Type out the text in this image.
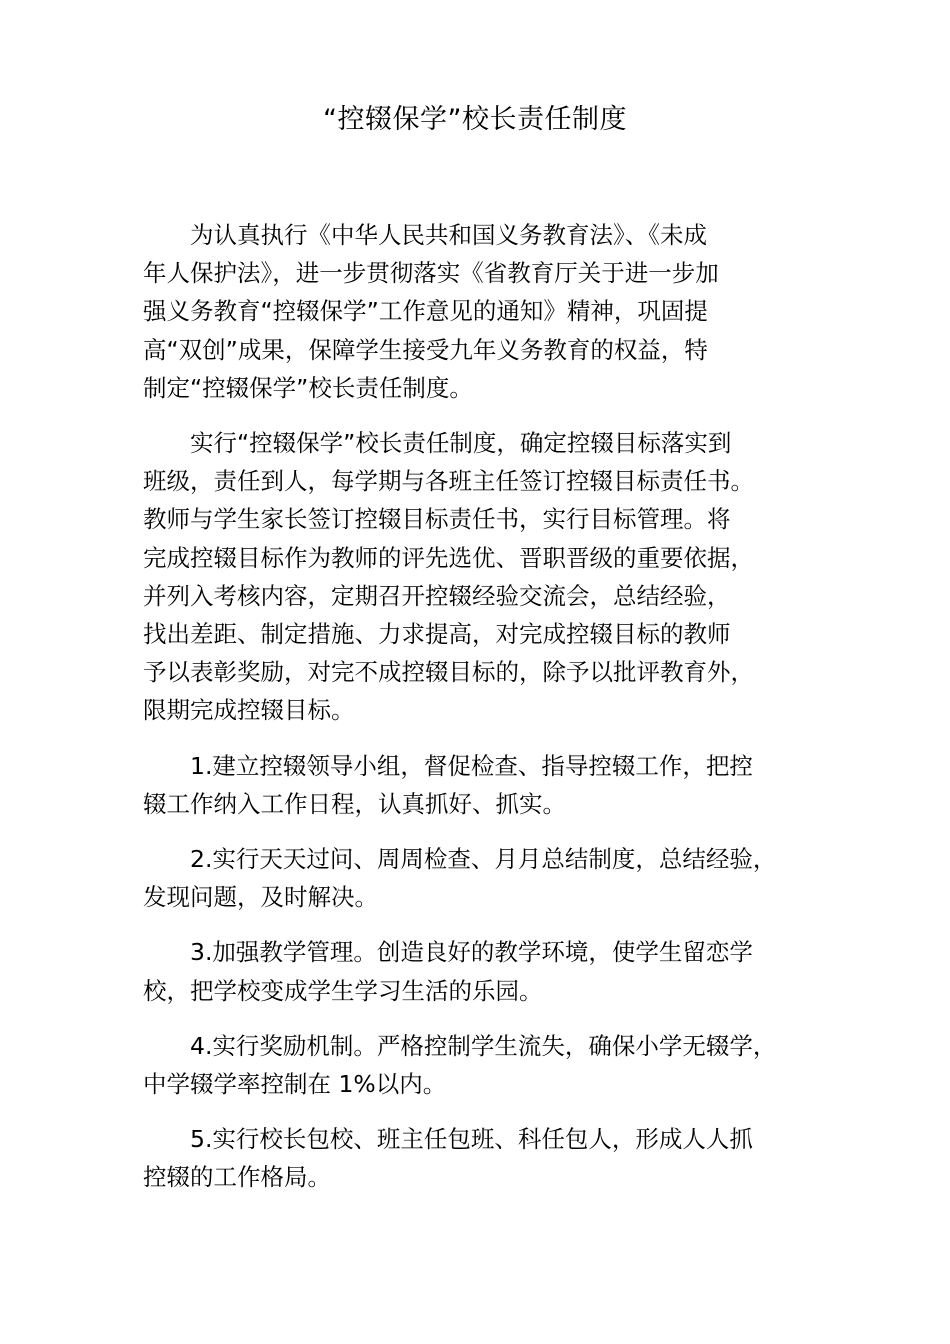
“控辍保学”校长责任制度

为认真执行《中华人民共和国义务教育法》、《未成
年人保护法》，进一步贯彻落实《省教育厅关于进一步加
强义务教育“控辍保学”工作意见的通知》精神，巩固提
高“双创”成果，保障学生接受九年义务教育的权益，特
制定“控辍保学”校长责任制度。

实行“控辍保学”校长责任制度，确定控辍目标落实到
班级，责任到人，每学期与各班主任签订控辍目标责任书。
教师与学生家长签订控辍目标责任书，实行目标管理。将
完成控辍目标作为教师的评先选优、晋职晋级的重要依据，
并列入考核内容，定期召开控辍经验交流会，总结经验，
找出差距、制定措施、力求提高，对完成控辍目标的教师
予以表彰奖励，对完不成控辍目标的，除予以批评教育外，
限期完成控辍目标。

1.建立控辍领导小组，督促检查、指导控辍工作，把控
辍工作纳入工作日程，认真抓好、抓实。

2.实行天天过问、周周检查、月月总结制度，总结经验，
发现问题，及时解决。

3.加强教学管理。创造良好的教学环境，使学生留恋学
校，把学校变成学生学习生活的乐园。

4.实行奖励机制。严格控制学生流失，确保小学无辍学，
中学辍学率控制在 1%以内。

5.实行校长包校、班主任包班、科任包人，形成人人抓
控辍的工作格局。
